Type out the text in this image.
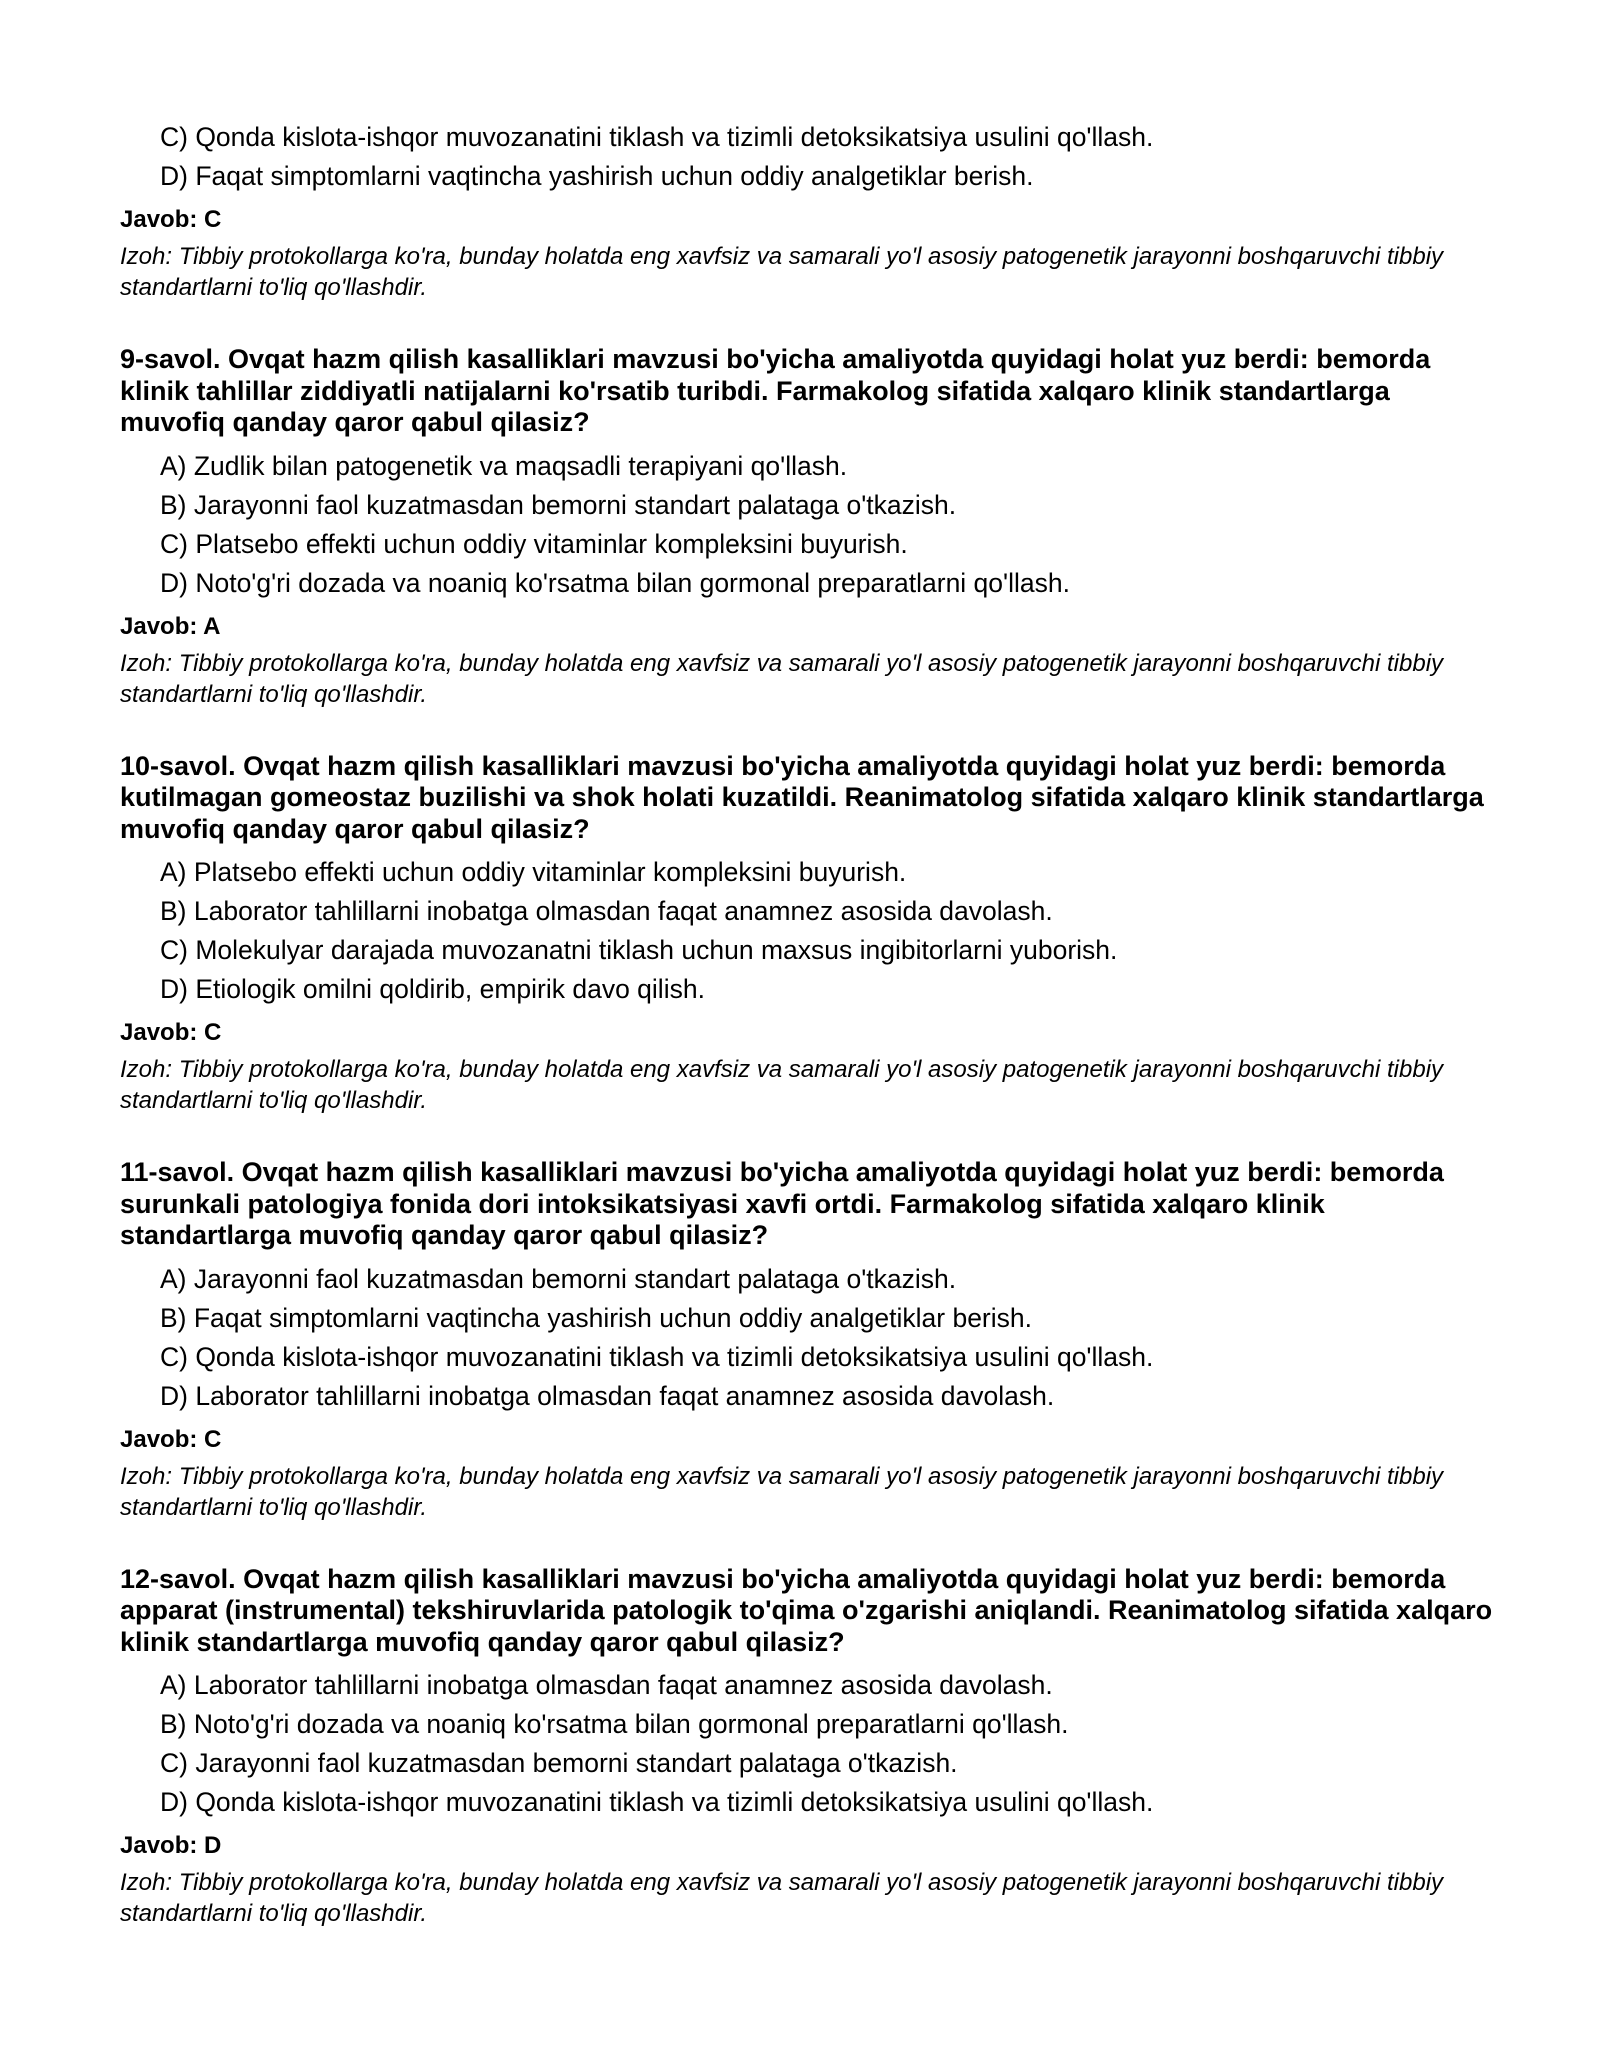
C) Qonda kislota-ishqor muvozanatini tiklash va tizimli detoksikatsiya usulini qo'llash.
D) Faqat simptomlarni vaqtincha yashirish uchun oddiy analgetiklar berish.
Javob: C
Izoh: Tibbiy protokollarga ko'ra, bunday holatda eng xavfsiz va samarali yo'l asosiy patogenetik jarayonni boshqaruvchi tibbiy standartlarni to'liq qo'llashdir.
9-savol. Ovqat hazm qilish kasalliklari mavzusi bo'yicha amaliyotda quyidagi holat yuz berdi: bemorda klinik tahlillar ziddiyatli natijalarni ko'rsatib turibdi. Farmakolog sifatida xalqaro klinik standartlarga muvofiq qanday qaror qabul qilasiz?
A) Zudlik bilan patogenetik va maqsadli terapiyani qo'llash.
B) Jarayonni faol kuzatmasdan bemorni standart palataga o'tkazish.
C) Platsebo effekti uchun oddiy vitaminlar kompleksini buyurish.
D) Noto'g'ri dozada va noaniq ko'rsatma bilan gormonal preparatlarni qo'llash.
Javob: A
Izoh: Tibbiy protokollarga ko'ra, bunday holatda eng xavfsiz va samarali yo'l asosiy patogenetik jarayonni boshqaruvchi tibbiy standartlarni to'liq qo'llashdir.
10-savol. Ovqat hazm qilish kasalliklari mavzusi bo'yicha amaliyotda quyidagi holat yuz berdi: bemorda kutilmagan gomeostaz buzilishi va shok holati kuzatildi. Reanimatolog sifatida xalqaro klinik standartlarga muvofiq qanday qaror qabul qilasiz?
A) Platsebo effekti uchun oddiy vitaminlar kompleksini buyurish.
B) Laborator tahlillarni inobatga olmasdan faqat anamnez asosida davolash.
C) Molekulyar darajada muvozanatni tiklash uchun maxsus ingibitorlarni yuborish.
D) Etiologik omilni qoldirib, empirik davo qilish.
Javob: C
Izoh: Tibbiy protokollarga ko'ra, bunday holatda eng xavfsiz va samarali yo'l asosiy patogenetik jarayonni boshqaruvchi tibbiy standartlarni to'liq qo'llashdir.
11-savol. Ovqat hazm qilish kasalliklari mavzusi bo'yicha amaliyotda quyidagi holat yuz berdi: bemorda surunkali patologiya fonida dori intoksikatsiyasi xavfi ortdi. Farmakolog sifatida xalqaro klinik standartlarga muvofiq qanday qaror qabul qilasiz?
A) Jarayonni faol kuzatmasdan bemorni standart palataga o'tkazish.
B) Faqat simptomlarni vaqtincha yashirish uchun oddiy analgetiklar berish.
C) Qonda kislota-ishqor muvozanatini tiklash va tizimli detoksikatsiya usulini qo'llash.
D) Laborator tahlillarni inobatga olmasdan faqat anamnez asosida davolash.
Javob: C
Izoh: Tibbiy protokollarga ko'ra, bunday holatda eng xavfsiz va samarali yo'l asosiy patogenetik jarayonni boshqaruvchi tibbiy standartlarni to'liq qo'llashdir.
12-savol. Ovqat hazm qilish kasalliklari mavzusi bo'yicha amaliyotda quyidagi holat yuz berdi: bemorda apparat (instrumental) tekshiruvlarida patologik to'qima o'zgarishi aniqlandi. Reanimatolog sifatida xalqaro klinik standartlarga muvofiq qanday qaror qabul qilasiz?
A) Laborator tahlillarni inobatga olmasdan faqat anamnez asosida davolash.
B) Noto'g'ri dozada va noaniq ko'rsatma bilan gormonal preparatlarni qo'llash.
C) Jarayonni faol kuzatmasdan bemorni standart palataga o'tkazish.
D) Qonda kislota-ishqor muvozanatini tiklash va tizimli detoksikatsiya usulini qo'llash.
Javob: D
Izoh: Tibbiy protokollarga ko'ra, bunday holatda eng xavfsiz va samarali yo'l asosiy patogenetik jarayonni boshqaruvchi tibbiy standartlarni to'liq qo'llashdir.
